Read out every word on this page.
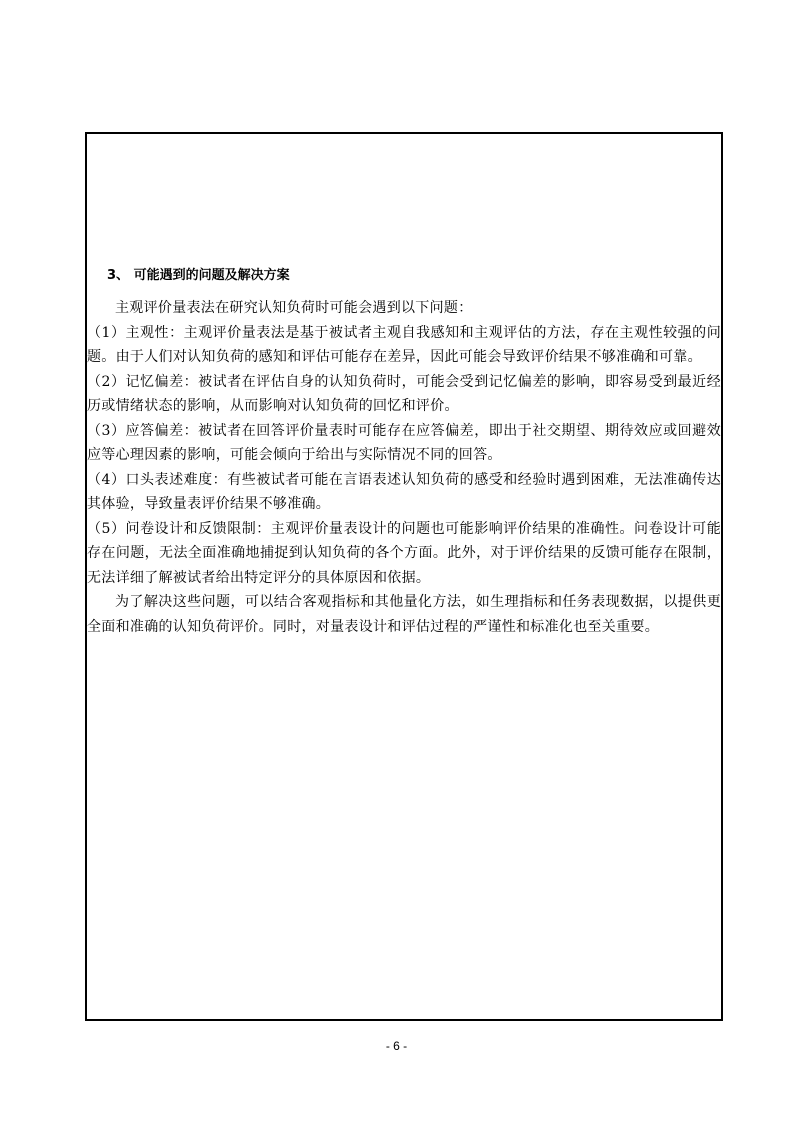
3、 可能遇到的问题及解决方案

主观评价量表法在研究认知负荷时可能会遇到以下问题：

（1）主观性：主观评价量表法是基于被试者主观自我感知和主观评估的方法，存在主观性较强的问题。由于人们对认知负荷的感知和评估可能存在差异，因此可能会导致评价结果不够准确和可靠。

（2）记忆偏差：被试者在评估自身的认知负荷时，可能会受到记忆偏差的影响，即容易受到最近经历或情绪状态的影响，从而影响对认知负荷的回忆和评价。

（3）应答偏差：被试者在回答评价量表时可能存在应答偏差，即出于社交期望、期待效应或回避效应等心理因素的影响，可能会倾向于给出与实际情况不同的回答。

（4）口头表述难度：有些被试者可能在言语表述认知负荷的感受和经验时遇到困难，无法准确传达其体验，导致量表评价结果不够准确。

（5）问卷设计和反馈限制：主观评价量表设计的问题也可能影响评价结果的准确性。问卷设计可能存在问题，无法全面准确地捕捉到认知负荷的各个方面。此外，对于评价结果的反馈可能存在限制，无法详细了解被试者给出特定评分的具体原因和依据。

为了解决这些问题，可以结合客观指标和其他量化方法，如生理指标和任务表现数据，以提供更全面和准确的认知负荷评价。同时，对量表设计和评估过程的严谨性和标准化也至关重要。

- 6 -
